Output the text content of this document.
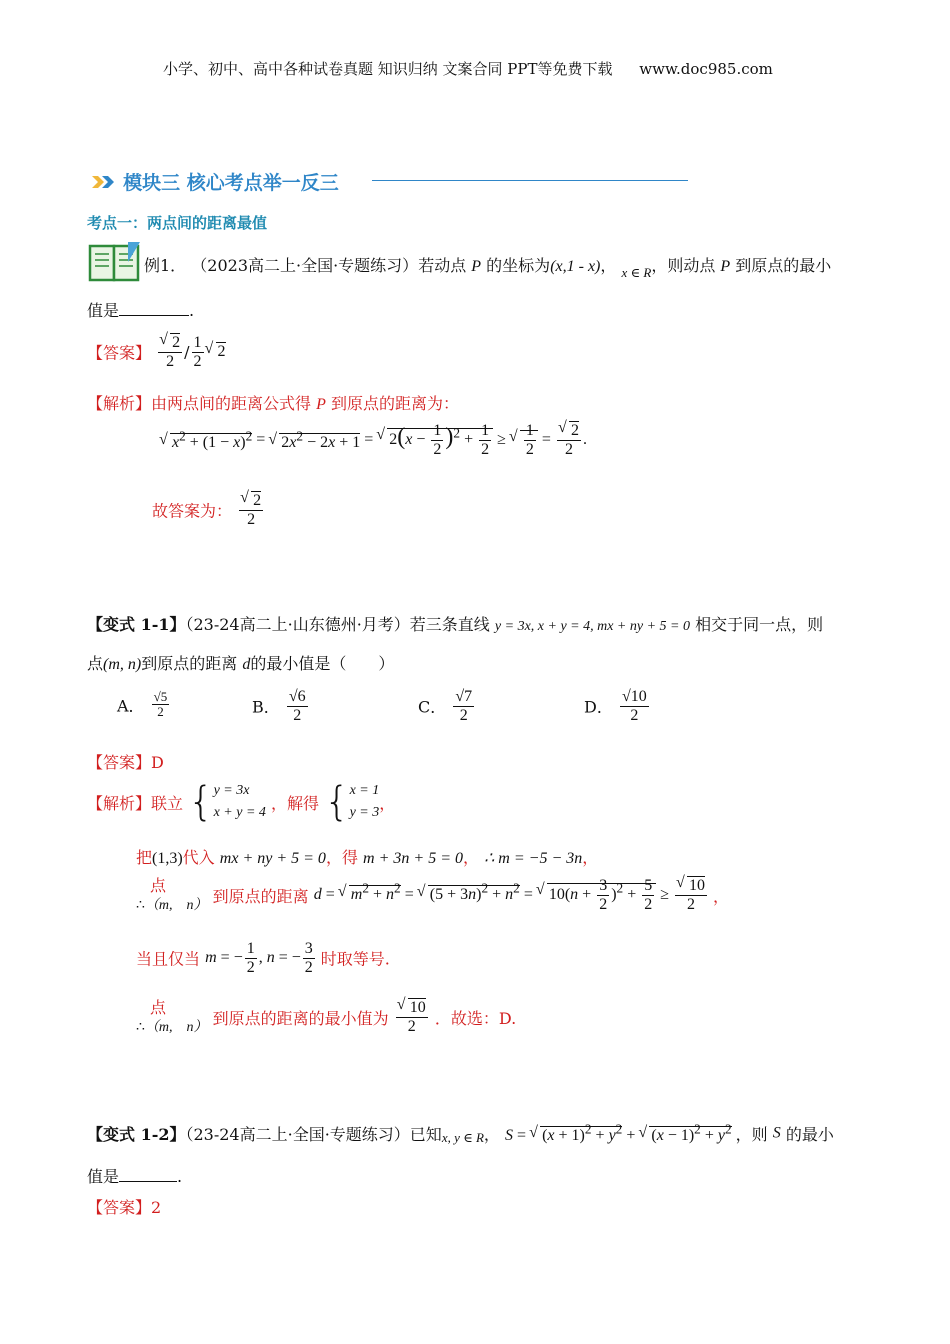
小学、初中、高中各种试卷真题 知识归纳 文案合同 PPT等免费下载 www.doc985.com
模块三 核心考点举一反三
考点一：两点间的距离最值
例1． （2023高二上·全国·专题练习）若动点 P 的坐标为(x,1 - x)， $_{x \in R}$，则动点 P 到原点的最小
值是	.
【答案】 √ $\frac{2}{2} / \frac{1}{2}$ √ 2
【解析】由两点间的距离公式得 P 到原点的距离为：
√ $x^2 + (1 - x)^2$ = √ $2x^2 - 2x + 1$ = √ $2(x - \frac{1}{2} )^2 + \frac{1}{2}$ ≥ √ $\frac{1}{2}$ = √ $\frac{2}{2}$ .
故答案为： √ $\frac{2}{2}$
【变式 1-1】（23-24高二上·山东德州·月考）若三条直线 y = 3x, x + y = 4, mx + ny + 5 = 0 相交于同一点，则
点(m, n)到原点的距离 d的最小值是（　　）
A． $\frac{√5}{2}$	B． $\frac{√6}{2}$	C． $\frac{√7}{2}$	D． $\frac{√10}{2}$
【答案】D
【解析】联立 { y = 3x
x + y = 4 ，解得 { x = 1
y = 3 ，
把(1,3)代入 mx + ny + 5 = 0，得 m + 3n + 5 = 0， ∴ m = −5 − 3n，
点
∴（m,　n） 到原点的距离 d = √ $m^2 + n^2$ = √ $(5 + 3n)^2 + n^2$ = √ $10(n + \frac{3}{2} )^2 + \frac{5}{2}$ ≥ √ $\frac{10}{2}$ ，
当且仅当 m = − $\frac{1}{2}$ , n = − $\frac{3}{2}$ 时取等号.
点
∴（m,　n） 到原点的距离的最小值为 √ $\frac{10}{2}$ ．故选：D.
【变式 1-2】（23-24高二上·全国·专题练习）已知$_{x, y \in R}$， S = √ $(x + 1)^2 + y^2$ + √ $(x - 1)^2 + y^2$ ，则 S 的最小
值是	.
【答案】2
